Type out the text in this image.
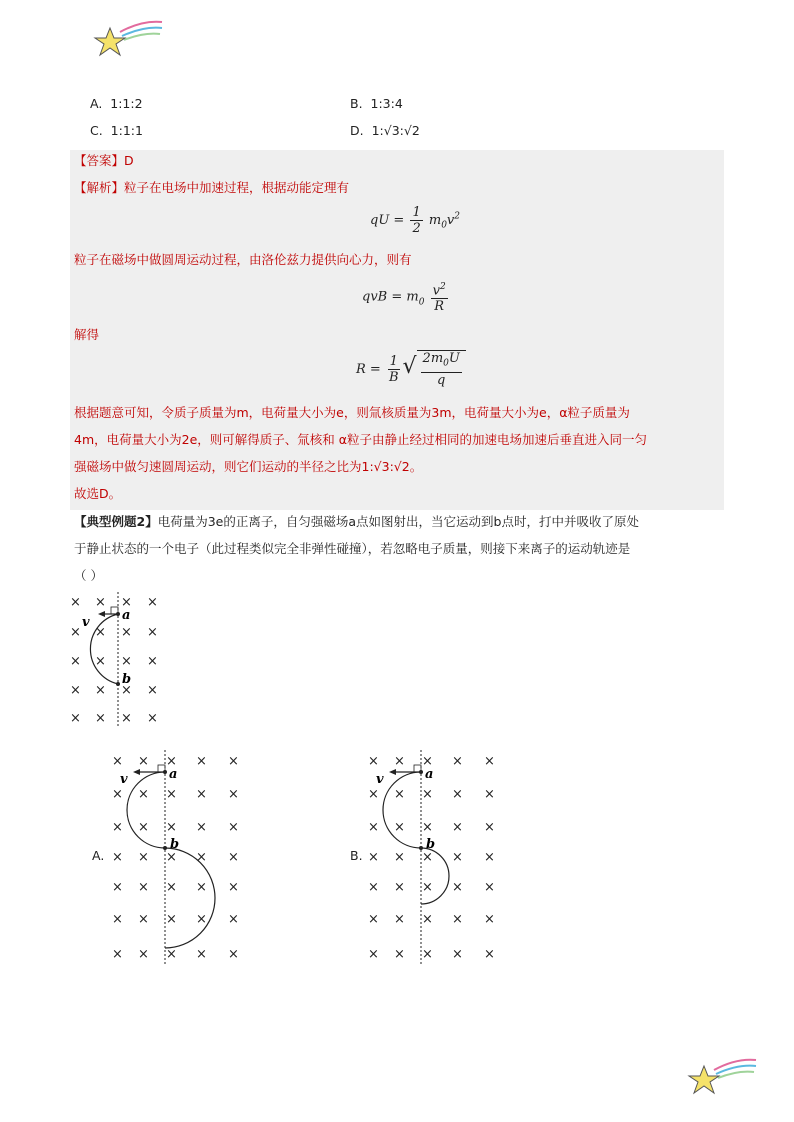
A. 1:1:2	B. 1:3:4
C. 1:1:1	D. 1:√3:√2
【答案】D
【解析】粒子在电场中加速过程，根据动能定理有
qU = $\frac{1}{2} m_0v^2$
粒子在磁场中做圆周运动过程，由洛伦兹力提供向心力，则有
qvB = $m_0 \frac{v^2}{R}$
解得
$R = \frac{1}{B}$ √ $\frac{2m_0U}{q}$
根据题意可知，令质子质量为m，电荷量大小为e，则氚核质量为3m，电荷量大小为e，α粒子质量为
4m，电荷量大小为2e，则可解得质子、氚核和 α粒子由静止经过相同的加速电场加速后垂直进入同一匀
强磁场中做匀速圆周运动，则它们运动的半径之比为1:√3:√2。
故选D。
【典型例题2】电荷量为3e的正离子，自匀强磁场a点如图射出，当它运动到b点时，打中并吸收了原处
于静止状态的一个电子（此过程类似完全非弹性碰撞），若忽略电子质量，则接下来离子的运动轨迹是
（ ）
× × × ×
× × × ×
× × × ×
× × × ×
× × × ×
v a
b
A.
× × × × ×
× × × × ×
× × × × ×
× × × × ×
× × × × ×
× × × × ×
× × × × ×
v	a
b
B.
× × × × ×
× × × × ×
× × × × ×
× × × × ×
× × × × ×
× × × × ×
× × × × ×
v	a
b
